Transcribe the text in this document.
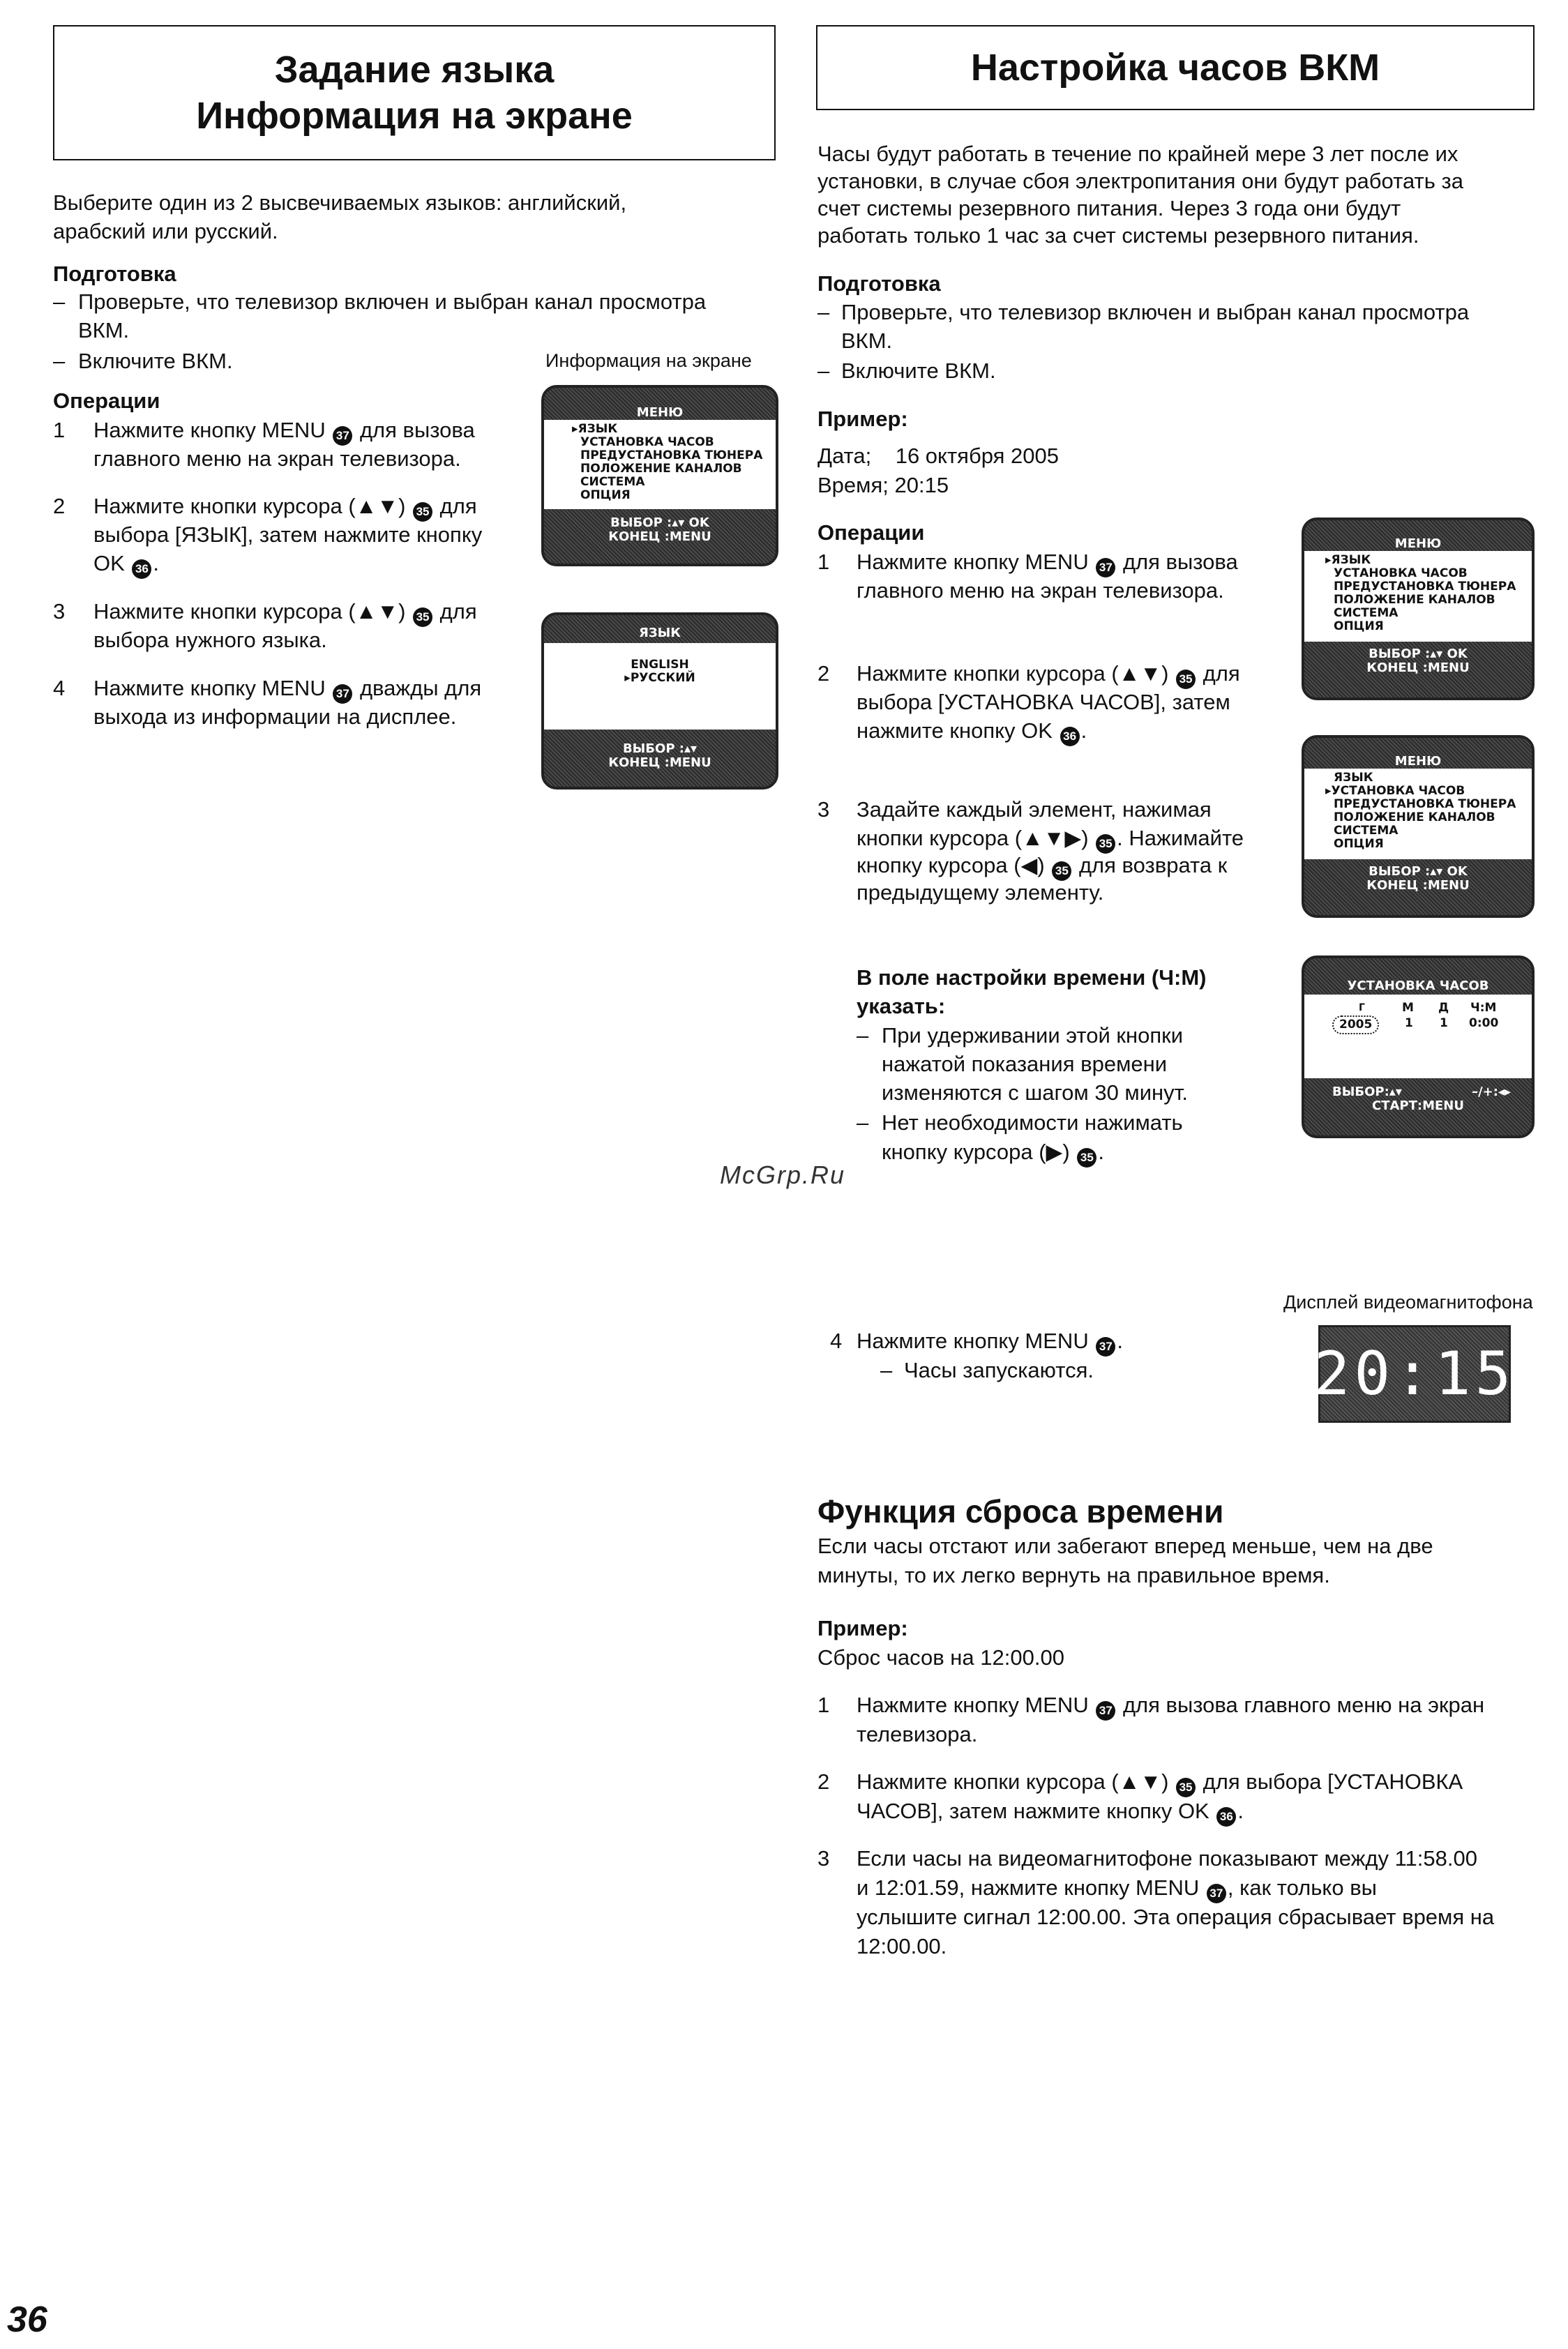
Задание языка
Информация на экране
Выберите один из 2 высвечиваемых языков: английский,
арабский или русский.
Подготовка
– Проверьте, что телевизор включен и выбран канал просмотра
ВКМ.
– Включите ВКМ.	Информация на экране
Операции
1	Нажмите кнопку MENU 37 для вызова
главного меню на экран телевизора.
2	Нажмите кнопки курсора (▲▼) 35 для
выбора [ЯЗЫК], затем нажмите кнопку
OK 36 .
3	Нажмите кнопки курсора (▲▼) 35 для
выбора нужного языка.
4	Нажмите кнопку MENU 37 дважды для
выхода из информации на дисплее.
МЕНЮ
▸ЯЗЫК
УСТАНОВКА ЧАСОВ
ПРЕДУСТАНОВКА ТЮНЕРА
ПОЛОЖЕНИЕ КАНАЛОВ
СИСТЕМА
ОПЦИЯ
ВЫБОР :▴▾ OK
КОНЕЦ :MENU
ЯЗЫК
ENGLISH
▸РУССКИЙ
ВЫБОР :▴▾
КОНЕЦ :MENU
Настройка часов ВКМ
Часы будут работать в течение по крайней мере 3 лет после их
установки, в случае сбоя электропитания они будут работать за
счет системы резервного питания. Через 3 года они будут
работать только 1 час за счет системы резервного питания.
Подготовка
– Проверьте, что телевизор включен и выбран канал просмотра
ВКМ.
– Включите ВКМ.
Пример:
Дата;    16 октября 2005
Время; 20:15
Операции
1	Нажмите кнопку MENU 37 для вызова
главного меню на экран телевизора.
2	Нажмите кнопки курсора (▲▼) 35 для
выбора [УСТАНОВКА ЧАСОВ], затем
нажмите кнопку OK 36 .
3	Задайте каждый элемент, нажимая
кнопки курсора (▲▼▶) 35 . Нажимайте
кнопку курсора (◀) 35 для возврата к
предыдущему элементу.
В поле настройки времени (Ч:М)
указать:
– При удерживании этой кнопки
нажатой показания времени
изменяются с шагом 30 минут.
– Нет необходимости нажимать
кнопку курсора (▶) 35 .
МЕНЮ
▸ЯЗЫК
УСТАНОВКА ЧАСОВ
ПРЕДУСТАНОВКА ТЮНЕРА
ПОЛОЖЕНИЕ КАНАЛОВ
СИСТЕМА
ОПЦИЯ
ВЫБОР :▴▾ OK
КОНЕЦ :MENU
МЕНЮ
ЯЗЫК
▸УСТАНОВКА ЧАСОВ
ПРЕДУСТАНОВКА ТЮНЕРА
ПОЛОЖЕНИЕ КАНАЛОВ
СИСТЕМА
ОПЦИЯ
ВЫБОР :▴▾ OK
КОНЕЦ :MENU
УСТАНОВКА ЧАСОВ
Г	М Д Ч:М
2005	1 1 0:00
ВЫБОР:▴▾	–/+:◂▸
СТАРТ:MENU
McGrp.Ru
Дисплей видеомагнитофона
20:15
4 Нажмите кнопку MENU 37 .
– Часы запускаются.
Функция сброса времени
Если часы отстают или забегают вперед меньше, чем на две
минуты, то их легко вернуть на правильное время.
Пример:
Сброс часов на 12:00.00
1	Нажмите кнопку MENU 37 для вызова главного меню на экран
телевизора.
2	Нажмите кнопки курсора (▲▼) 35 для выбора [УСТАНОВКА
ЧАСОВ], затем нажмите кнопку OK 36 .
3	Если часы на видеомагнитофоне показывают между 11:58.00
и 12:01.59, нажмите кнопку MENU 37 , как только вы
услышите сигнал 12:00.00. Эта операция сбрасывает время на
12:00.00.
36
